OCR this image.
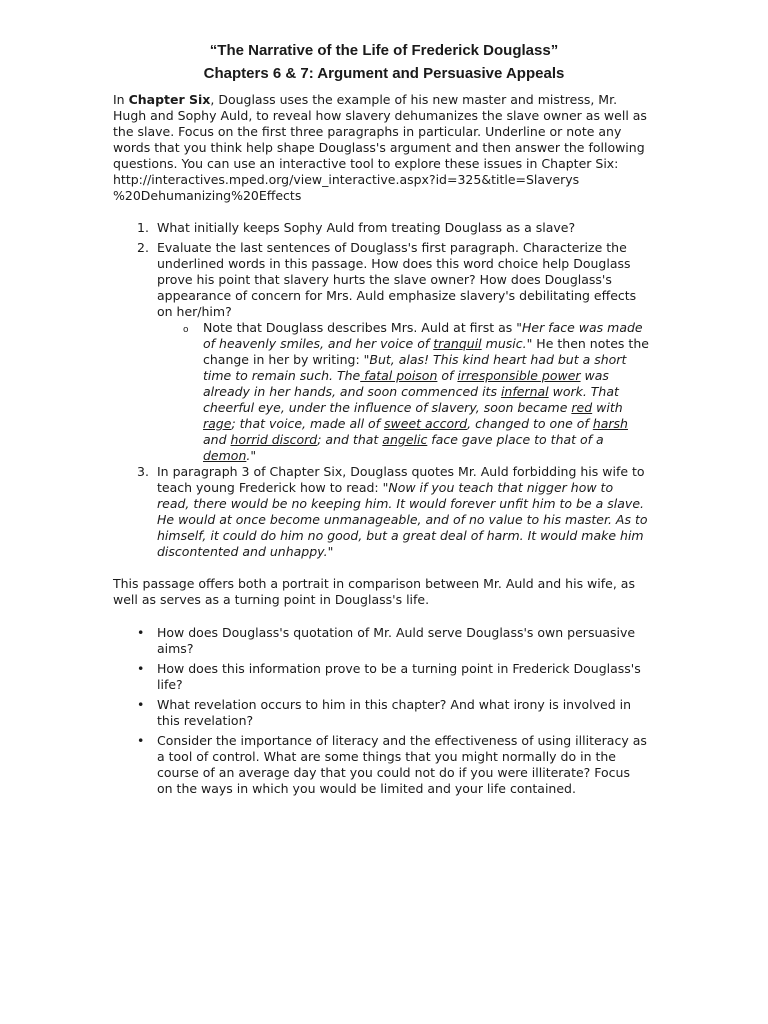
“The Narrative of the Life of Frederick Douglass”
Chapters 6 & 7: Argument and Persuasive Appeals
In Chapter Six, Douglass uses the example of his new master and mistress, Mr.
Hugh and Sophy Auld, to reveal how slavery dehumanizes the slave owner as well as
the slave. Focus on the first three paragraphs in particular. Underline or note any
words that you think help shape Douglass's argument and then answer the following
questions. You can use an interactive tool to explore these issues in Chapter Six:
http://interactives.mped.org/view_interactive.aspx?id=325&title=Slaverys
%20Dehumanizing%20Effects
1. What initially keeps Sophy Auld from treating Douglass as a slave?
2. Evaluate the last sentences of Douglass's first paragraph. Characterize the
underlined words in this passage. How does this word choice help Douglass
prove his point that slavery hurts the slave owner? How does Douglass's
appearance of concern for Mrs. Auld emphasize slavery's debilitating effects
on her/him?
o Note that Douglass describes Mrs. Auld at first as "Her face was made
of heavenly smiles, and her voice of tranquil music." He then notes the
change in her by writing: "But, alas! This kind heart had but a short
time to remain such. The fatal poison of irresponsible power was
already in her hands, and soon commenced its infernal work. That
cheerful eye, under the influence of slavery, soon became red with
rage; that voice, made all of sweet accord, changed to one of harsh
and horrid discord; and that angelic face gave place to that of a
demon."
3. In paragraph 3 of Chapter Six, Douglass quotes Mr. Auld forbidding his wife to
teach young Frederick how to read: "Now if you teach that nigger how to
read, there would be no keeping him. It would forever unfit him to be a slave.
He would at once become unmanageable, and of no value to his master. As to
himself, it could do him no good, but a great deal of harm. It would make him
discontented and unhappy."
This passage offers both a portrait in comparison between Mr. Auld and his wife, as
well as serves as a turning point in Douglass's life.
• How does Douglass's quotation of Mr. Auld serve Douglass's own persuasive
aims?
• How does this information prove to be a turning point in Frederick Douglass's
life?
• What revelation occurs to him in this chapter? And what irony is involved in
this revelation?
• Consider the importance of literacy and the effectiveness of using illiteracy as
a tool of control. What are some things that you might normally do in the
course of an average day that you could not do if you were illiterate? Focus
on the ways in which you would be limited and your life contained.
